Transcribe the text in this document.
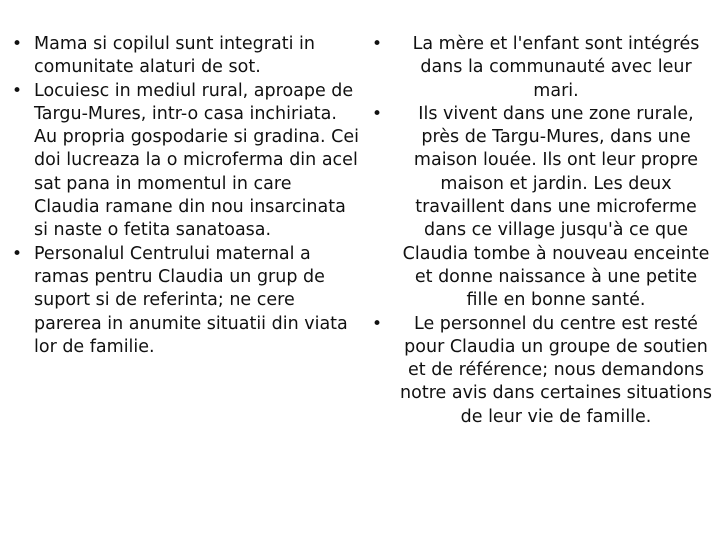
• Mama si copilul sunt integrati in comunitate alaturi de sot.
• Locuiesc in mediul rural, aproape de Targu-Mures, intr-o casa inchiriata. Au propria gospodarie si gradina. Cei doi lucreaza la o microferma din acel sat pana in momentul in care Claudia ramane din nou insarcinata si naste o fetita sanatoasa.
• Personalul Centrului maternal a ramas pentru Claudia un grup de suport si de referinta; ne cere parerea in anumite situatii din viata lor de familie.
•	La mère et l'enfant sont intégrés dans la communauté avec leur mari.
•	Ils vivent dans une zone rurale, près de Targu-Mures, dans une maison louée. Ils ont leur propre maison et jardin. Les deux travaillent dans une microferme dans ce village jusqu'à ce que Claudia tombe à nouveau enceinte et donne naissance à une petite fille en bonne santé.
•	Le personnel du centre est resté pour Claudia un groupe de soutien et de référence; nous demandons notre avis dans certaines situations de leur vie de famille.
